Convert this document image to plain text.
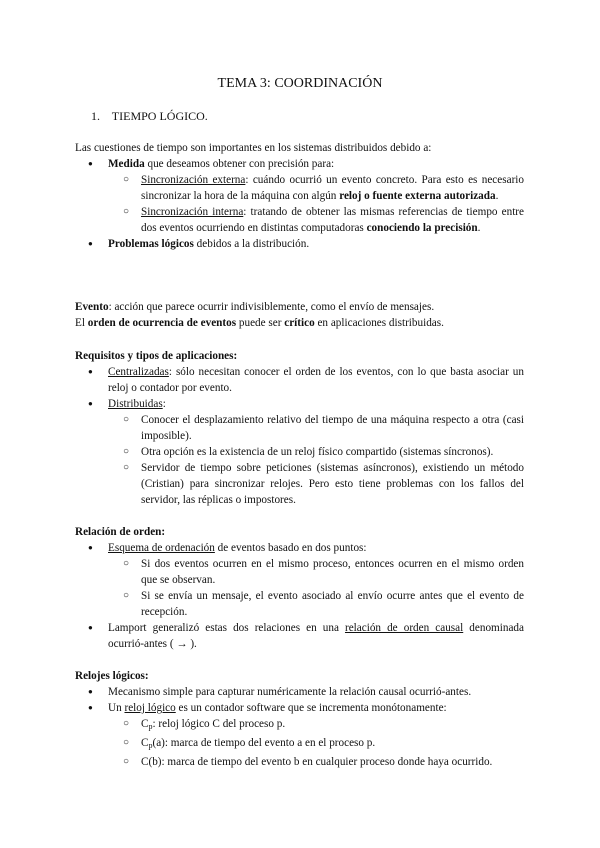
TEMA 3: COORDINACIÓN
1. TIEMPO LÓGICO.

Las cuestiones de tiempo son importantes en los sistemas distribuidos debido a:

● Medida que deseamos obtener con precisión para:
○ Sincronización externa: cuándo ocurrió un evento concreto. Para esto es necesario sincronizar la hora de la máquina con algún reloj o fuente externa autorizada.
○ Sincronización interna: tratando de obtener las mismas referencias de tiempo entre dos eventos ocurriendo en distintas computadoras conociendo la precisión.
● Problemas lógicos debidos a la distribución.

Evento: acción que parece ocurrir indivisiblemente, como el envío de mensajes.

El orden de ocurrencia de eventos puede ser crítico en aplicaciones distribuidas.

Requisitos y tipos de aplicaciones:

● Centralizadas: sólo necesitan conocer el orden de los eventos, con lo que basta asociar un reloj o contador por evento.
● Distribuidas:
○ Conocer el desplazamiento relativo del tiempo de una máquina respecto a otra (casi imposible).
○ Otra opción es la existencia de un reloj físico compartido (sistemas síncronos).
○ Servidor de tiempo sobre peticiones (sistemas asíncronos), existiendo un método (Cristian) para sincronizar relojes. Pero esto tiene problemas con los fallos del servidor, las réplicas o impostores.

Relación de orden:

● Esquema de ordenación de eventos basado en dos puntos:
○ Si dos eventos ocurren en el mismo proceso, entonces ocurren en el mismo orden que se observan.
○ Si se envía un mensaje, el evento asociado al envío ocurre antes que el evento de recepción.
● Lamport generalizó estas dos relaciones en una relación de orden causal denominada ocurrió-antes ( → ).

Relojes lógicos:

● Mecanismo simple para capturar numéricamente la relación causal ocurrió-antes.
● Un reloj lógico es un contador software que se incrementa monótonamente:
○ $C_p$: reloj lógico C del proceso p.
○ $C_p(a)$: marca de tiempo del evento a en el proceso p.
○ C(b): marca de tiempo del evento b en cualquier proceso donde haya ocurrido.
